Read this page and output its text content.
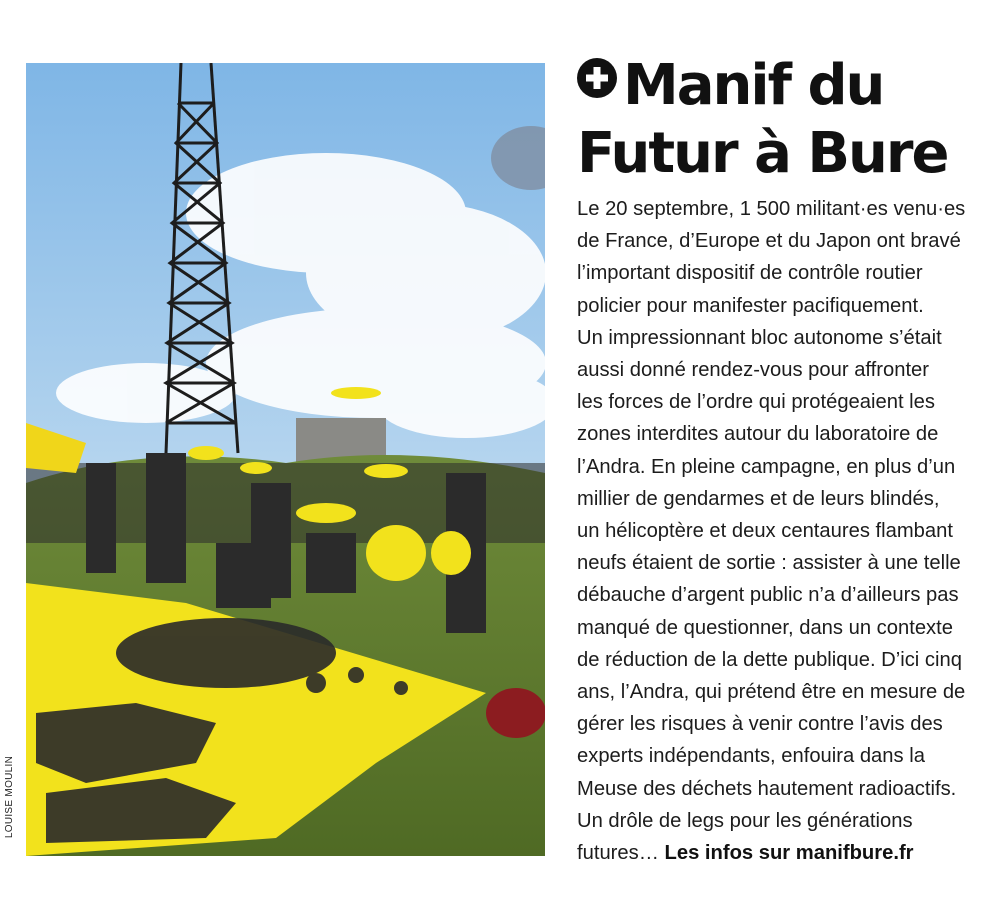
LOUISE MOULIN
Manif du
Futur à Bure
Le 20 septembre, 1 500 militant·es venu·es
de France, d’Europe et du Japon ont bravé
l’important dispositif de contrôle routier
policier pour manifester pacifiquement.
Un impressionnant bloc autonome s’était
aussi donné rendez-vous pour affronter
les forces de l’ordre qui protégeaient les
zones interdites autour du laboratoire de
l’Andra. En pleine campagne, en plus d’un
millier de gendarmes et de leurs blindés,
un hélicoptère et deux centaures flambant
neufs étaient de sortie : assister à une telle
débauche d’argent public n’a d’ailleurs pas
manqué de questionner, dans un contexte
de réduction de la dette publique. D’ici cinq
ans, l’Andra, qui prétend être en mesure de
gérer les risques à venir contre l’avis des
experts indépendants, enfouira dans la
Meuse des déchets hautement radioactifs.
Un drôle de legs pour les générations
futures… Les infos sur manifbure.fr
